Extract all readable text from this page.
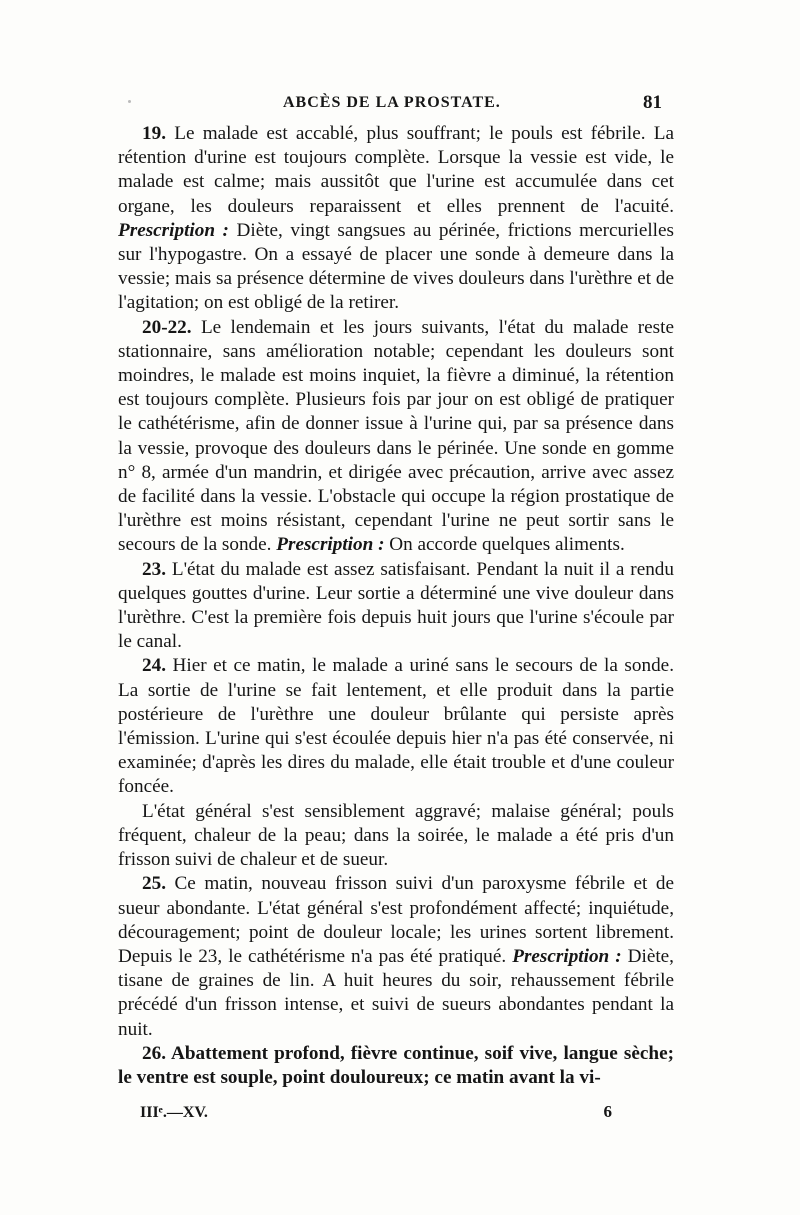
ABCÈS DE LA PROSTATE.	81

19. Le malade est accablé, plus souffrant; le pouls est fébrile. La rétention d'urine est toujours complète. Lorsque la vessie est vide, le malade est calme; mais aussitôt que l'urine est accumulée dans cet organe, les douleurs reparaissent et elles prennent de l'acuité. Prescription : Diète, vingt sangsues au périnée, frictions mercurielles sur l'hypogastre. On a essayé de placer une sonde à demeure dans la vessie; mais sa présence détermine de vives douleurs dans l'urèthre et de l'agitation; on est obligé de la retirer.

20-22. Le lendemain et les jours suivants, l'état du malade reste stationnaire, sans amélioration notable; cependant les douleurs sont moindres, le malade est moins inquiet, la fièvre a diminué, la rétention est toujours complète. Plusieurs fois par jour on est obligé de pratiquer le cathétérisme, afin de donner issue à l'urine qui, par sa présence dans la vessie, provoque des douleurs dans le périnée. Une sonde en gomme n° 8, armée d'un mandrin, et dirigée avec précaution, arrive avec assez de facilité dans la vessie. L'obstacle qui occupe la région prostatique de l'urèthre est moins résistant, cependant l'urine ne peut sortir sans le secours de la sonde. Prescription : On accorde quelques aliments.

23. L'état du malade est assez satisfaisant. Pendant la nuit il a rendu quelques gouttes d'urine. Leur sortie a déterminé une vive douleur dans l'urèthre. C'est la première fois depuis huit jours que l'urine s'écoule par le canal.

24. Hier et ce matin, le malade a uriné sans le secours de la sonde. La sortie de l'urine se fait lentement, et elle produit dans la partie postérieure de l'urèthre une douleur brûlante qui persiste après l'émission. L'urine qui s'est écoulée depuis hier n'a pas été conservée, ni examinée; d'après les dires du malade, elle était trouble et d'une couleur foncée.

L'état général s'est sensiblement aggravé; malaise général; pouls fréquent, chaleur de la peau; dans la soirée, le malade a été pris d'un frisson suivi de chaleur et de sueur.

25. Ce matin, nouveau frisson suivi d'un paroxysme fébrile et de sueur abondante. L'état général s'est profondément affecté; inquiétude, découragement; point de douleur locale; les urines sortent librement. Depuis le 23, le cathétérisme n'a pas été pratiqué. Prescription : Diète, tisane de graines de lin. A huit heures du soir, rehaussement fébrile précédé d'un frisson intense, et suivi de sueurs abondantes pendant la nuit.

26. Abattement profond, fièvre continue, soif vive, langue sèche; le ventre est souple, point douloureux; ce matin avant la vi-

IIIᵉ.—XV.	6
